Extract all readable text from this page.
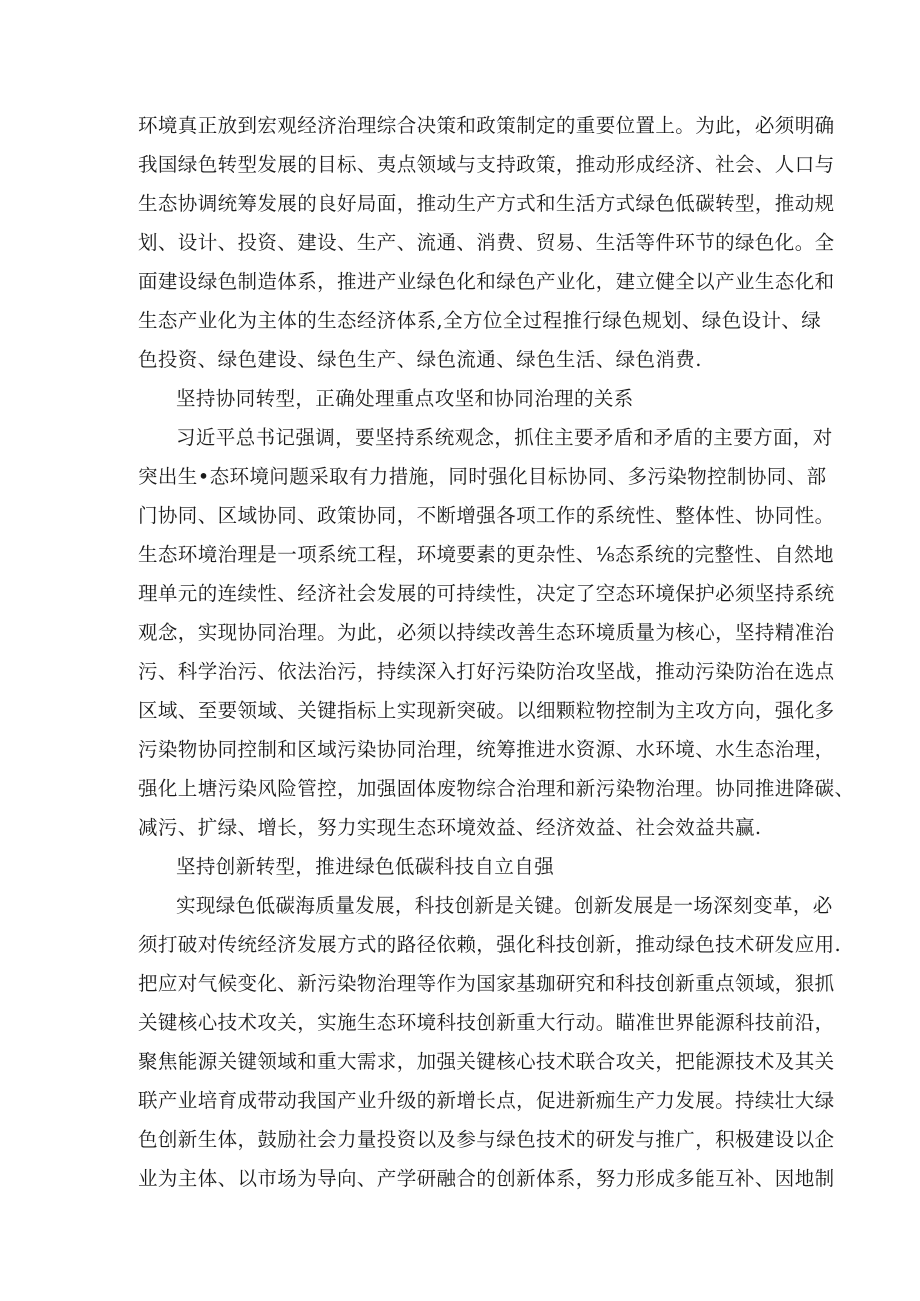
环境真正放到宏观经济治理综合决策和政策制定的重要位置上。为此，必须明确
我国绿色转型发展的目标、夷点领域与支持政策，推动形成经济、社会、人口与
生态协调统筹发展的良好局面，推动生产方式和生活方式绿色低碳转型，推动规
划、设计、投资、建设、生产、流通、消费、贸易、生活等件环节的绿色化。全
面建设绿色制造体系，推进产业绿色化和绿色产业化，建立健全以产业生态化和
生态产业化为主体的生态经济体系,全方位全过程推行绿色规划、绿色设计、绿
色投资、绿色建设、绿色生产、绿色流通、绿色生活、绿色消费.
坚持协同转型，正确处理重点攻坚和协同治理的关系
习近平总书记强调，要坚持系统观念，抓住主要矛盾和矛盾的主要方面，对
突出生•态环境问题采取有力措施，同时强化目标协同、多污染物控制协同、部
门协同、区域协同、政策协同，不断增强各项工作的系统性、整体性、协同性。
生态环境治理是一项系统工程，环境要素的更杂性、⅛态系统的完整性、自然地
理单元的连续性、经济社会发展的可持续性，决定了空态环境保护必须坚持系统
观念，实现协同治理。为此，必须以持续改善生态环境质量为核心，坚持精准治
污、科学治污、依法治污，持续深入打好污染防治攻坚战，推动污染防治在选点
区域、至要领域、关键指标上实现新突破。以细颗粒物控制为主攻方向，强化多
污染物协同控制和区域污染协同治理，统筹推进水资源、水环境、水生态治理，
强化上塘污染风险管控，加强固体废物综合治理和新污染物治理。协同推进降碳、
减污、扩绿、增长，努力实现生态环境效益、经济效益、社会效益共赢.
坚持创新转型，推进绿色低碳科技自立自强
实现绿色低碳海质量发展，科技创新是关键。创新发展是一场深刻变革，必
须打破对传统经济发展方式的路径依赖，强化科技创新，推动绿色技术研发应用.
把应对气候变化、新污染物治理等作为国家基珈研究和科技创新重点领域，狠抓
关键核心技术攻关，实施生态环境科技创新重大行动。瞄准世界能源科技前沿，
聚焦能源关键领域和重大需求，加强关键核心技术联合攻关，把能源技术及其关
联产业培育成带动我国产业升级的新增长点，促进新痂生产力发展。持续壮大绿
色创新生体，鼓励社会力量投资以及参与绿色技术的研发与推广，积极建设以企
业为主体、以市场为导向、产学研融合的创新体系，努力形成多能互补、因地制
